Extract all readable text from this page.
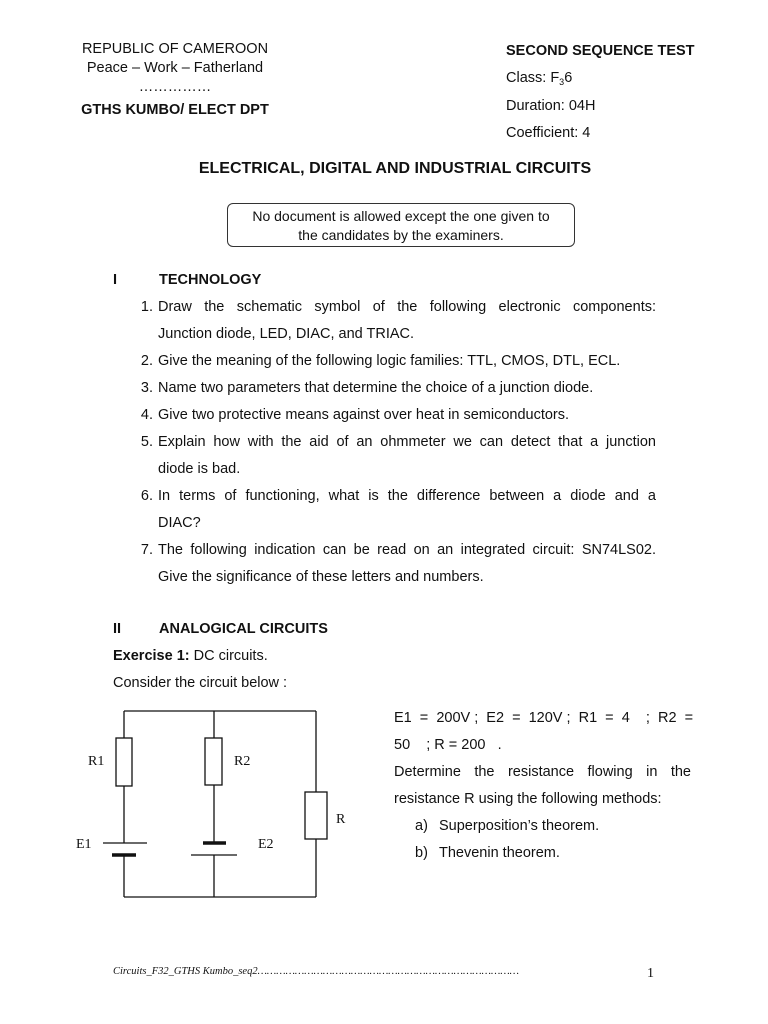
REPUBLIC OF CAMEROON
Peace – Work – Fatherland
……………
GTHS KUMBO/ ELECT DPT
SECOND SEQUENCE TEST
Class: $F_36$
Duration: 04H
Coefficient: 4
ELECTRICAL, DIGITAL AND INDUSTRIAL CIRCUITS
No document is allowed except the one given to
the candidates by the examiners.
I	TECHNOLOGY
1. Draw the schematic symbol of the following electronic components:
Junction diode, LED, DIAC, and TRIAC.
2. Give the meaning of the following logic families: TTL, CMOS, DTL, ECL.
3. Name two parameters that determine the choice of a junction diode.
4. Give two protective means against over heat in semiconductors.
5. Explain how with the aid of an ohmmeter we can detect that a junction
diode is bad.
6. In terms of functioning, what is the difference between a diode and a
DIAC?
7. The following indication can be read on an integrated circuit: SN74LS02.
Give the significance of these letters and numbers.
II	ANALOGICAL CIRCUITS
Exercise 1: DC circuits.
Consider the circuit below :
E1  =  200V ;  E2  =  120V ;  R1  =  4    ;  R2  =
50    ; R = 200   .
Determine  the  resistance  flowing  in  the
resistance R using the following methods:
a) Superposition’s theorem.
b) Thevenin theorem.
R1	R2
R
E1	E2
Circuits_F32_GTHS Kumbo_seq2…………………………………………………………………………	1
